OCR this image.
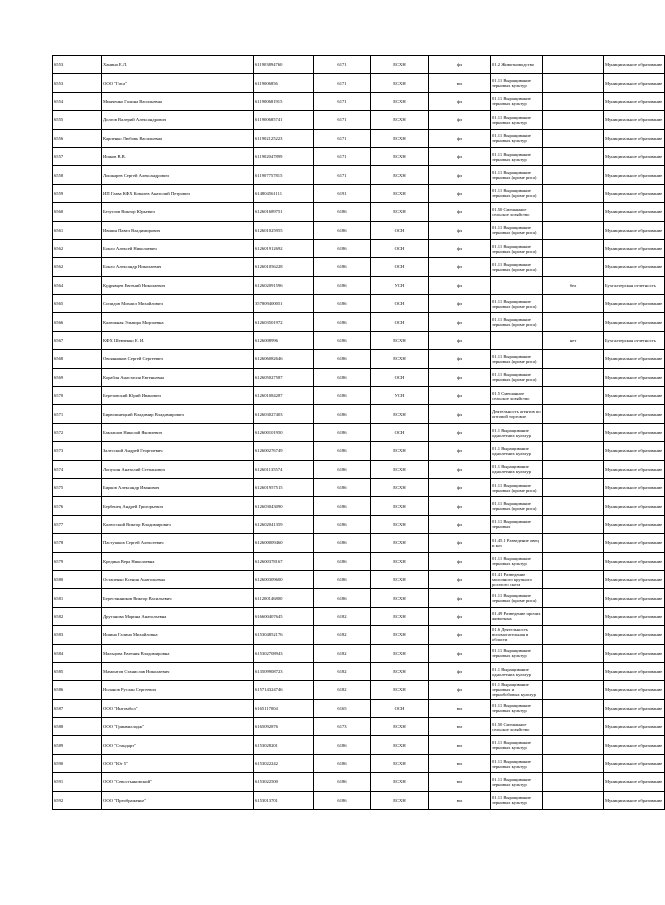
6553	Ханина Е.Л.	611903894760	6171	ЕСХН	фл	01.2 Животноводство		Муниципальное образование
6553	ООО "Гиса"	6119006856	6171	ЕСХН	юл	01.11 Выращивание зерновых культур		Муниципальное образование
6554	Минченко Галина Васильевна	611900681915	6171	ЕСХН	фл	01.11 Выращивание зерновых культур		Муниципальное образование
6555	Долгов Валерий Александрович	611900685741	6171	ЕСХН	фл	01.11 Выращивание зерновых культур		Муниципальное образование
6556	Карпенко Любовь Васильевна	611902125223	6171	ЕСХН	фл	01.11 Выращивание зерновых культур		Муниципальное образование
6557	Ишков В.В.	611902047899	6171	ЕСХН	фл	01.11 Выращивание зерновых культур		Муниципальное образование
6558	Лошкарев Сергей Александрович	611907757815	6171	ЕСХН	фл	01.11 Выращивание зерновых (кроме риса)		Муниципальное образование
6559	ИП Глава КФХ Ковалев Анатолий Петрович	614804561111	6191	ЕСХН	фл	01.11 Выращивание зерновых (кроме риса)		Муниципальное образование
6560	Безуглов Виктор Юрьевич	612601689751	6186	ЕСХН	фл	01.50 Смешанное сельское хозяйство		Муниципальное образование
6561	Ившин Павел Владимирович	612601025955	6186	ОСН	фл	01.11 Выращивание зерновых (кроме риса)		Муниципальное образование
6562	Бокло Алексей Николаевич	612601912692	6186	ОСН	фл	01.11 Выращивание зерновых (кроме риса)		Муниципальное образование
6562	Бокло Александр Николаевич	612601056228	6186	ОСН	фл	01.11 Выращивание зерновых (кроме риса)		Муниципальное образование
6564	Кудрявцев Евгений Николаевич	612602091596	6186	УСН	фл		бел	Бухгалтерская отчетность
6565	Сопидов Михаил Михайлович	357809400051	6186	ОСН	фл	01.11 Выращивание зерновых (кроме риса)		Муниципальное образование
6566	Калюжная Эльвира Мирзаевна	612603501972	6186	ОСН	фл	01.11 Выращивание зерновых (кроме риса)		Муниципальное образование
6567	КФХ Шевченко Е. И.	6126008996	6186	ЕСХН	фл		нет	Бухгалтерская отчетность
6568	Овсянников Сергей Сергеевич	612606082646	6186	ЕСХН	фл	01.11 Выращивание зерновых (кроме риса)		Муниципальное образование
6569	Корабля Анастасия Евгеньевна	612605027587	6186	ОСН	фл	01.11 Выращивание зерновых (кроме риса)		Муниципальное образование
6570	Березовский Юрий Иванович	612601084287	6186	УСН	фл	01.5 Смешанное сельское хозяйство		Муниципальное образование
6571	Бирюлинецкий Владимир Владимирович	612603027403	6186	ЕСХН	фл	Деятельность агентов по оптовой торговле		Муниципальное образование
6572	Баклашов Николай Яковлевич	612600101950	6186	ОСН	фл	01.1 Выращивание однолетних культур		Муниципальное образование
6573	Залесский Андрей Георгиевич	612600276749	6186	ЕСХН	фл	01.1 Выращивание однолетних культур		Муниципальное образование
6574	Лопухин Анатолий Степанович	612601135574	6186	ЕСХН	фл	01.1 Выращивание однолетних культур		Муниципальное образование
6575	Бирков Александр Иванович	612601957515	6186	ЕСХН	фл	01.11 Выращивание зерновых (кроме риса)		Муниципальное образование
6576	Бербенец Андрей Григорьевич	612603043090	6186	ЕСХН	фл	01.11 Выращивание зерновых (кроме риса)		Муниципальное образование
6577	Калюсский Виктор Владимирович	612602041359	6186	ЕСХН	фл	01.11 Выращивание зерновых		Муниципальное образование
6578	Пастушков Сергей Алексеевич	612600009460	6186	ЕСХН	фл	01.45.1 Разведение овец и коз		Муниципальное образование
6579	Кредина Вера Николаевна	612600378167	6186	ЕСХН	фл	01.11 Выращивание зерновых культур		Муниципальное образование
6580	Остапенко Ксения Анатольевна	612600309600	6186	ЕСХН	фл	01.41 Разведение молочного крупного рогатого скота		Муниципальное образование
6581	Берестянников Виктор Васильевич	611200146800	6186	ЕСХН	фл	01.11 Выращивание зерновых (кроме риса)		Муниципальное образование
6582	Друтанова Марина Анатольевна	616600407645	6182	ЕСХН	фл	01.49 Разведение прочих животных		Муниципальное образование
6583	Ишина Галина Михайловна	615304852176	6182	ЕСХН	фл	01.6 Деятельность вспомогательная в области		Муниципальное образование
6584	Мальцова Евгения Владимировна	615302708943	6182	ЕСХН	фл	01.11 Выращивание зерновых культур		Муниципальное образование
6585	Мамонтов Станислав Николаевич	613509908723	6182	ЕСХН	фл	01.1 Выращивание однолетних культур		Муниципальное образование
6586	Ноланов Руслан Сергеевич	615714324746	6182	ЕСХН	фл	01.1 Выращивание зерновых и зернобобовых культур		Муниципальное образование
6587	ООО "Интомбол"	6165117004	6165	ОСН	юл	01.11 Выращивание зерновых культур		Муниципальное образование
6588	ООО "Гринвилладж"	6165092876	6173	ЕСХН	юл	01.50 Смешанное сельское хозяйство		Муниципальное образование
6589	ООО "Стандарт"	6153028201	6186	ЕСХН	юл	01.11 Выращивание зерновых культур		Муниципальное образование
6590	ООО "Юг 5"	6153022242	6186	ЕСХН	юл	01.11 Выращивание зерновых культур		Муниципальное образование
6591	ООО "Севостьяновский"	6153022500	6186	ЕСХН	юл	01.11 Выращивание зерновых культур		Муниципальное образование
6592	ООО "Преображенье"	6153013701	6186	ЕСХН	юл	01.11 Выращивание зерновых культур		Муниципальное образование
